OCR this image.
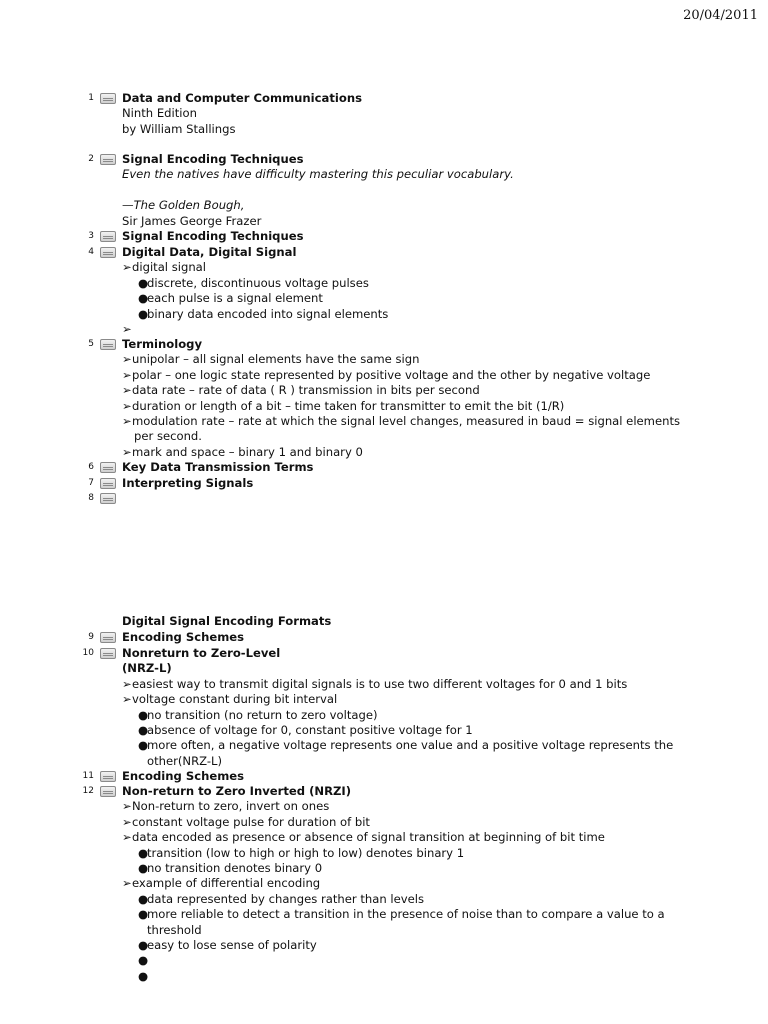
20/04/2011
1 Data and Computer Communications
Ninth Edition
by William Stallings
2 Signal Encoding Techniques
Even the natives have difficulty mastering this peculiar vocabulary.
—The Golden Bough,
Sir James George Frazer
3 Signal Encoding Techniques
4 Digital Data, Digital Signal
➢digital signal
●discrete, discontinuous voltage pulses
●each pulse is a signal element
●binary data encoded into signal elements
➢
5 Terminology
➢unipolar – all signal elements have the same sign
➢polar – one logic state represented by positive voltage and the other by negative voltage
➢data rate – rate of data ( R ) transmission in bits per second
➢duration or length of a bit – time taken for transmitter to emit the bit (1/R)
➢modulation rate – rate at which the signal level changes, measured in baud = signal elements
per second.
➢mark and space – binary 1 and binary 0
6 Key Data Transmission Terms
7 Interpreting Signals
8
Digital Signal Encoding Formats
9 Encoding Schemes
10 Nonreturn to Zero-Level
(NRZ-L)
➢easiest way to transmit digital signals is to use two different voltages for 0 and 1 bits
➢voltage constant during bit interval
●no transition (no return to zero voltage)
●absence of voltage for 0, constant positive voltage for 1
●more often, a negative voltage represents one value and a positive voltage represents the
other(NRZ-L)
11 Encoding Schemes
12 Non-return to Zero Inverted (NRZI)
➢Non-return to zero, invert on ones
➢constant voltage pulse for duration of bit
➢data encoded as presence or absence of signal transition at beginning of bit time
●transition (low to high or high to low) denotes binary 1
●no transition denotes binary 0
➢example of differential encoding
●data represented by changes rather than levels
●more reliable to detect a transition in the presence of noise than to compare a value to a
threshold
●easy to lose sense of polarity
●
●
